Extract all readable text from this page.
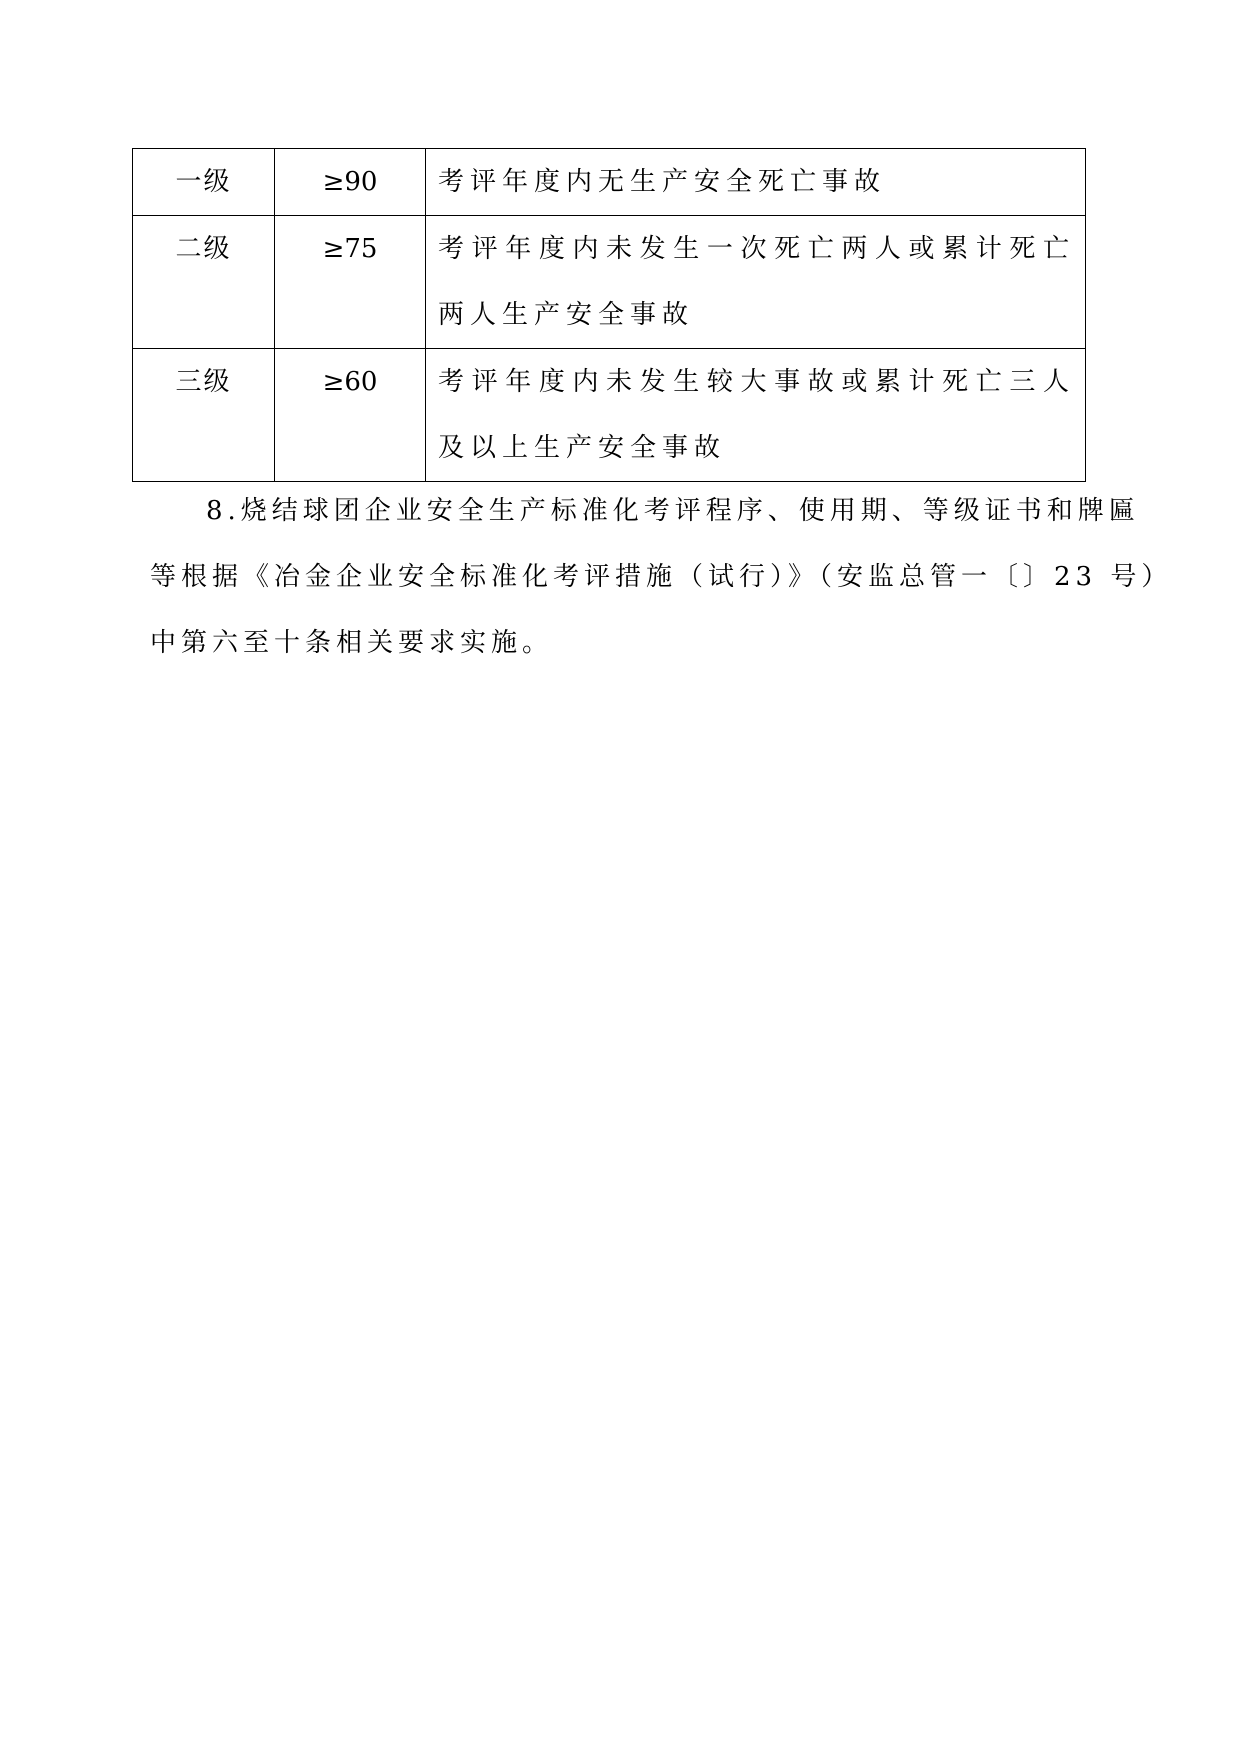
一级	≥90	考评年度内无生产安全死亡事故
二级	≥75	考评年度内未发生一次死亡两人或累计死亡两人生产安全事故
三级	≥60	考评年度内未发生较大事故或累计死亡三人及以上生产安全事故
8.烧结球团企业安全生产标准化考评程序、使用期、等级证书和牌匾
等根据《冶金企业安全标准化考评措施（试行）》（安监总管一〔〕23 号）
中第六至十条相关要求实施。
